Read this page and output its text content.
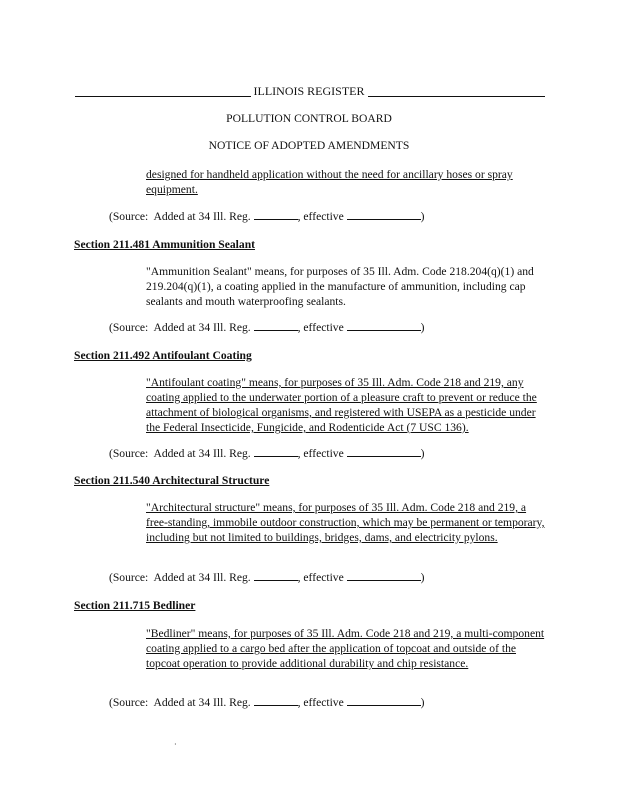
ILLINOIS REGISTER
POLLUTION CONTROL BOARD
NOTICE OF ADOPTED AMENDMENTS
designed for handheld application without the need for ancillary hoses or spray equipment.
(Source: Added at 34 Ill. Reg.	, effective	)
Section 211.481 Ammunition Sealant
"Ammunition Sealant" means, for purposes of 35 Ill. Adm. Code 218.204(q)(1) and 219.204(q)(1), a coating applied in the manufacture of ammunition, including cap sealants and mouth waterproofing sealants.
(Source: Added at 34 Ill. Reg.	, effective	)
Section 211.492 Antifoulant Coating
"Antifoulant coating" means, for purposes of 35 Ill. Adm. Code 218 and 219, any coating applied to the underwater portion of a pleasure craft to prevent or reduce the attachment of biological organisms, and registered with USEPA as a pesticide under the Federal Insecticide, Fungicide, and Rodenticide Act (7 USC 136).
(Source: Added at 34 Ill. Reg.	, effective	)
Section 211.540 Architectural Structure
"Architectural structure" means, for purposes of 35 Ill. Adm. Code 218 and 219, a free-standing, immobile outdoor construction, which may be permanent or temporary, including but not limited to buildings, bridges, dams, and electricity pylons.
(Source: Added at 34 Ill. Reg.	, effective	)
Section 211.715 Bedliner
"Bedliner" means, for purposes of 35 Ill. Adm. Code 218 and 219, a multi-component coating applied to a cargo bed after the application of topcoat and outside of the topcoat operation to provide additional durability and chip resistance.
(Source: Added at 34 Ill. Reg.	, effective	)
·
